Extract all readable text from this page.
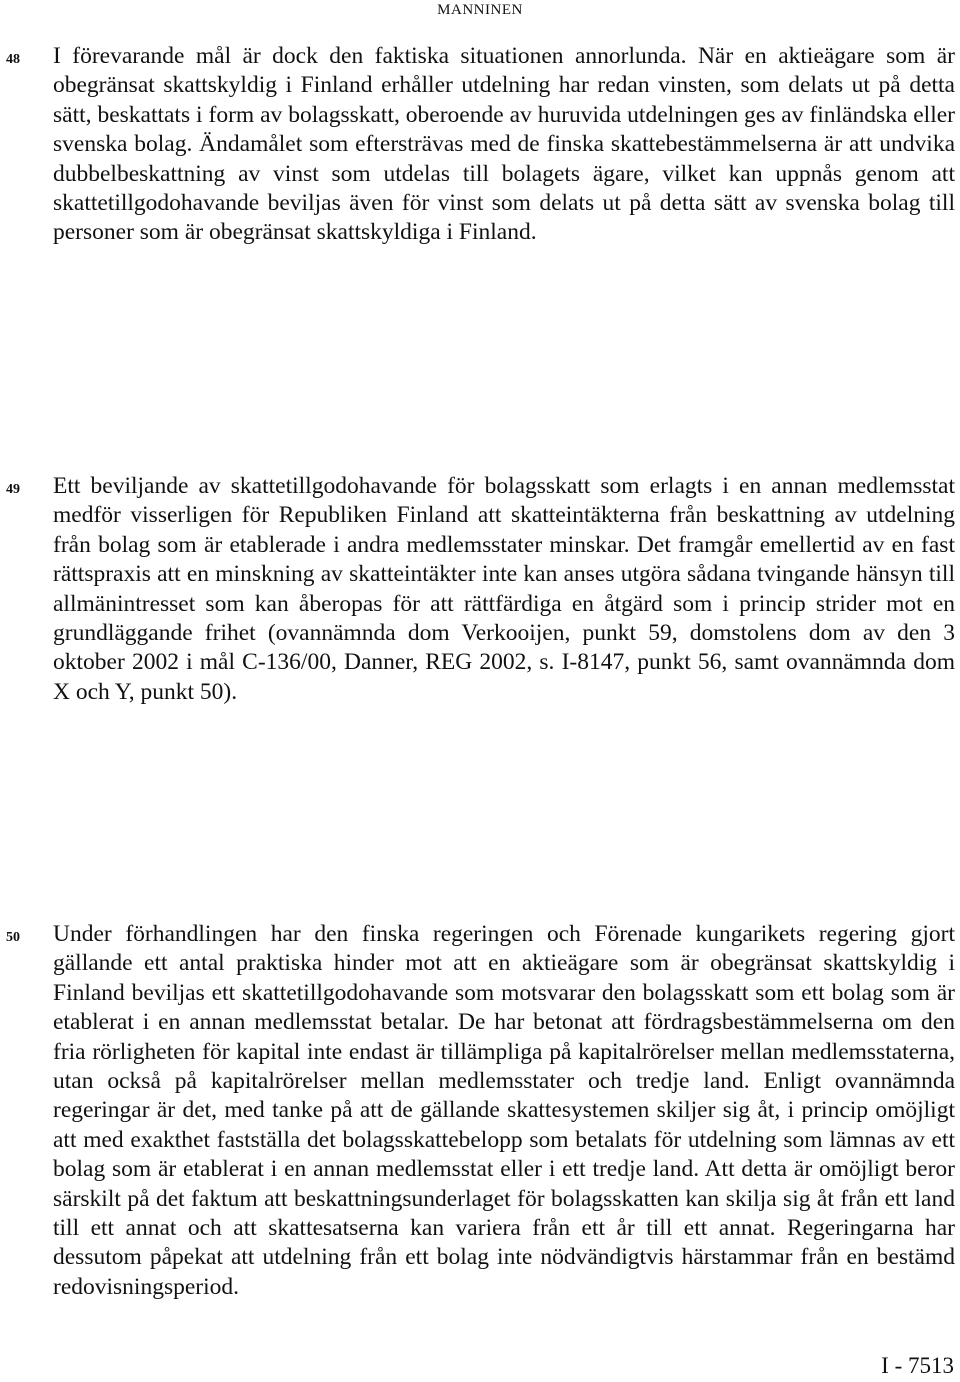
MANNINEN
48 I förevarande mål är dock den faktiska situationen annorlunda. När en aktieägare som är obegränsat skattskyldig i Finland erhåller utdelning har redan vinsten, som delats ut på detta sätt, beskattats i form av bolagsskatt, oberoende av huruvida utdelningen ges av finländska eller svenska bolag. Ändamålet som eftersträvas med de finska skattebestämmelserna är att undvika dubbelbeskattning av vinst som utdelas till bolagets ägare, vilket kan uppnås genom att skattetillgodohavande beviljas även för vinst som delats ut på detta sätt av svenska bolag till personer som är obegränsat skattskyldiga i Finland.

49 Ett beviljande av skattetillgodohavande för bolagsskatt som erlagts i en annan medlemsstat medför visserligen för Republiken Finland att skatteintäkterna från beskattning av utdelning från bolag som är etablerade i andra medlemsstater minskar. Det framgår emellertid av en fast rättspraxis att en minskning av skatteintäkter inte kan anses utgöra sådana tvingande hänsyn till allmänintresset som kan åberopas för att rättfärdiga en åtgärd som i princip strider mot en grundläggande frihet (ovannämnda dom Verkooijen, punkt 59, domstolens dom av den 3 oktober 2002 i mål C-136/00, Danner, REG 2002, s. I-8147, punkt 56, samt ovannämnda dom X och Y, punkt 50).

50 Under förhandlingen har den finska regeringen och Förenade kungarikets regering gjort gällande ett antal praktiska hinder mot att en aktieägare som är obegränsat skattskyldig i Finland beviljas ett skattetillgodohavande som motsvarar den bolagsskatt som ett bolag som är etablerat i en annan medlemsstat betalar. De har betonat att fördragsbestämmelserna om den fria rörligheten för kapital inte endast är tillämpliga på kapitalrörelser mellan medlemsstaterna, utan också på kapitalrörelser mellan medlemsstater och tredje land. Enligt ovannämnda regeringar är det, med tanke på att de gällande skattesystemen skiljer sig åt, i princip omöjligt att med exakthet fastställa det bolagsskattebelopp som betalats för utdelning som lämnas av ett bolag som är etablerat i en annan medlemsstat eller i ett tredje land. Att detta är omöjligt beror särskilt på det faktum att beskattningsunderlaget för bolagsskatten kan skilja sig åt från ett land till ett annat och att skattesatserna kan variera från ett år till ett annat. Regeringarna har dessutom påpekat att utdelning från ett bolag inte nödvändigtvis härstammar från en bestämd redovisningsperiod.

I - 7513
